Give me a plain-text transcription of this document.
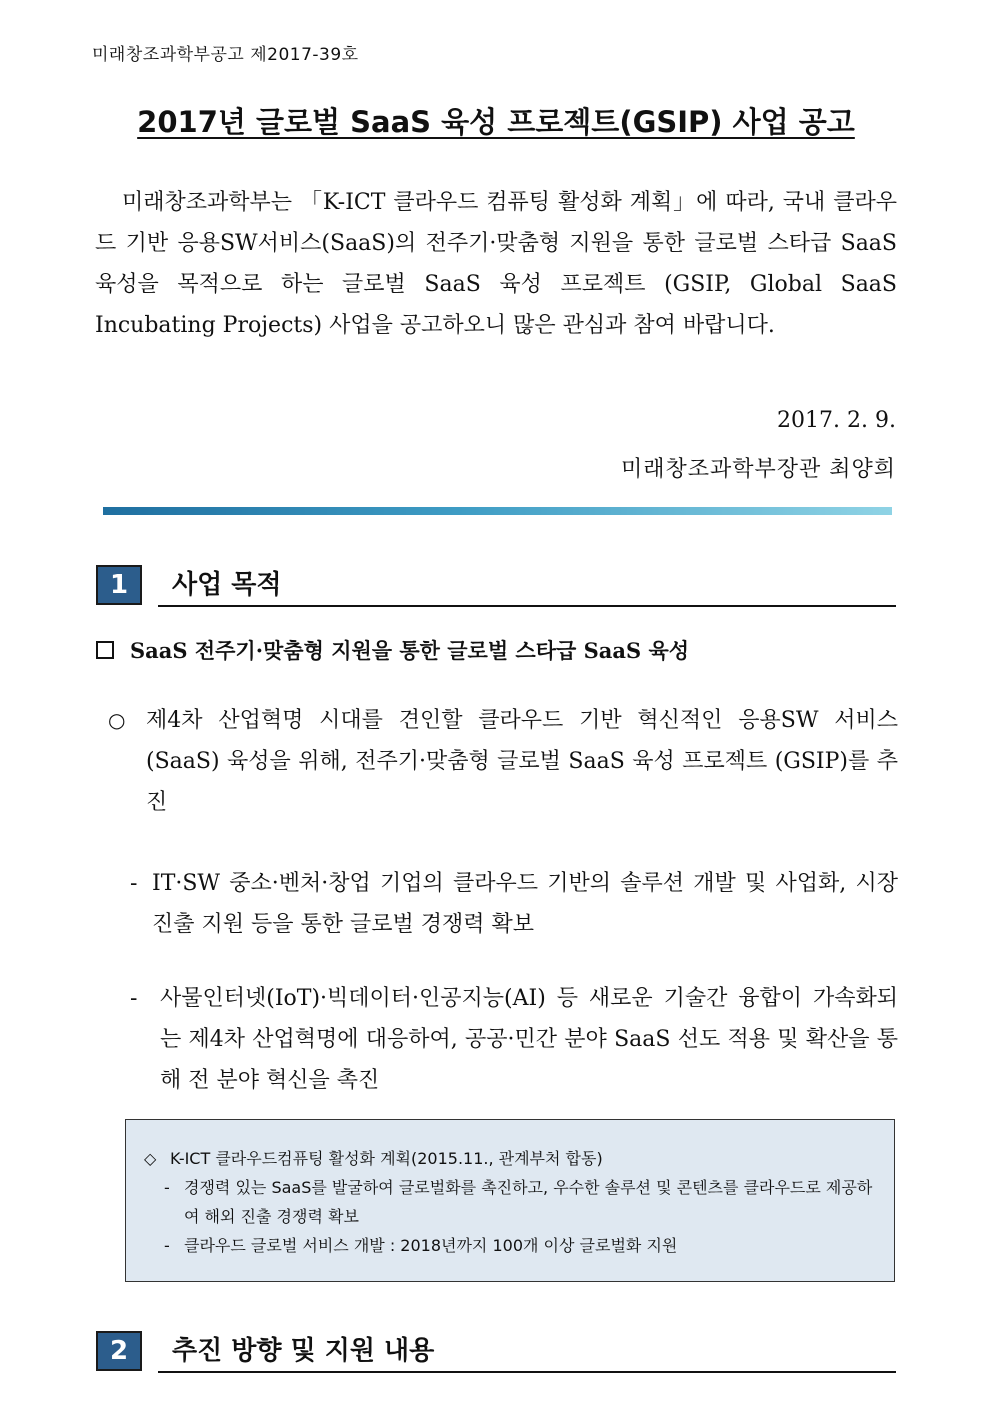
미래창조과학부공고 제2017-39호
2017년 글로벌 SaaS 육성 프로젝트(GSIP) 사업 공고

미래창조과학부는 「K-ICT 클라우드 컴퓨팅 활성화 계획」에 따라, 국내 클라우드 기반 응용SW서비스(SaaS)의 전주기·맞춤형 지원을 통한 글로벌 스타급 SaaS 육성을 목적으로 하는 글로벌 SaaS 육성 프로젝트 (GSIP, Global SaaS Incubating Projects) 사업을 공고하오니 많은 관심과 참여 바랍니다.

2017. 2. 9.
미래창조과학부장관 최양희
1	사업 목적
SaaS 전주기·맞춤형 지원을 통한 글로벌 스타급 SaaS 육성
○ 제4차 산업혁명 시대를 견인할 클라우드 기반 혁신적인 응용SW 서비스(SaaS) 육성을 위해, 전주기·맞춤형 글로벌 SaaS 육성 프로젝트 (GSIP)를 추진

- IT·SW 중소·벤처·창업 기업의 클라우드 기반의 솔루션 개발 및 사업화, 시장 진출 지원 등을 통한 글로벌 경쟁력 확보

-	사물인터넷(IoT)·빅데이터·인공지능(AI) 등 새로운 기술간 융합이 가속화되는 제4차 산업혁명에 대응하여, 공공·민간 분야 SaaS 선도 적용 및 확산을 통해 전 분야 혁신을 촉진

◇ K-ICT 클라우드컴퓨팅 활성화 계획(2015.11., 관계부처 합동)
- 경쟁력 있는 SaaS를 발굴하여 글로벌화를 촉진하고, 우수한 솔루션 및 콘텐츠를 클라우드로 제공하여 해외 진출 경쟁력 확보

- 클라우드 글로벌 서비스 개발 : 2018년까지 100개 이상 글로벌화 지원

2	추진 방향 및 지원 내용
